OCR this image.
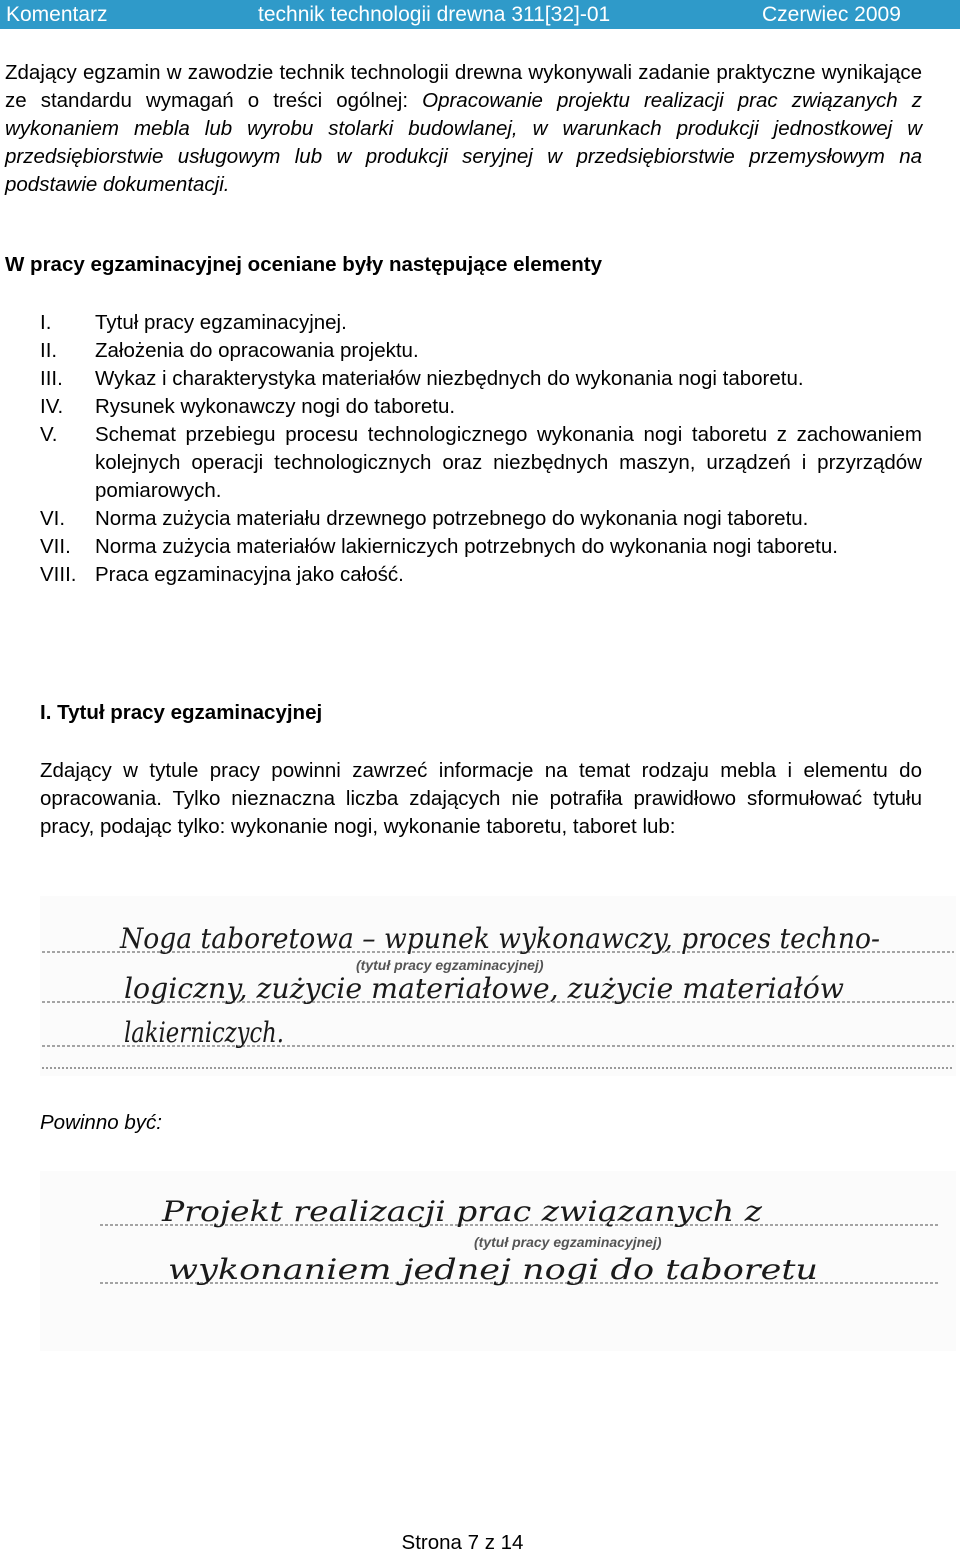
Komentarz	technik technologii drewna 311[32]-01	Czerwiec 2009

Zdający egzamin w zawodzie technik technologii drewna wykonywali zadanie praktyczne wynikające ze standardu wymagań o treści ogólnej: Opracowanie projektu realizacji prac związanych z wykonaniem mebla lub wyrobu stolarki budowlanej, w warunkach produkcji jednostkowej w przedsiębiorstwie usługowym lub w produkcji seryjnej w przedsiębiorstwie przemysłowym na podstawie dokumentacji.

W pracy egzaminacyjnej oceniane były następujące elementy

I.	Tytuł pracy egzaminacyjnej.
II.	Założenia do opracowania projektu.
III.	Wykaz i charakterystyka materiałów niezbędnych do wykonania nogi taboretu.
IV.	Rysunek wykonawczy nogi do taboretu.
V.	Schemat przebiegu procesu technologicznego wykonania nogi taboretu z zachowaniem kolejnych operacji technologicznych oraz niezbędnych maszyn, urządzeń i przyrządów pomiarowych.
VI.	Norma zużycia materiału drzewnego potrzebnego do wykonania nogi taboretu.
VII.	Norma zużycia materiałów lakierniczych potrzebnych do wykonania nogi taboretu.
VIII. Praca egzaminacyjna jako całość.

I. Tytuł pracy egzaminacyjnej

Zdający w tytule pracy powinni zawrzeć informacje na temat rodzaju mebla i elementu do opracowania. Tylko nieznaczna liczba zdających nie potrafiła prawidłowo sformułować tytułu pracy, podając tylko: wykonanie nogi, wykonanie taboretu, taboret lub:

Noga taboretowa – wpunek wykonawczy, proces techno-
(tytuł pracy egzaminacyjnej)
logiczny, zużycie materiałowe, zużycie materiałów
lakierniczych.

Powinno być:

Projekt realizacji prac związanych z
(tytuł pracy egzaminacyjnej)
wykonaniem jednej nogi do taboretu

Strona 7 z 14
